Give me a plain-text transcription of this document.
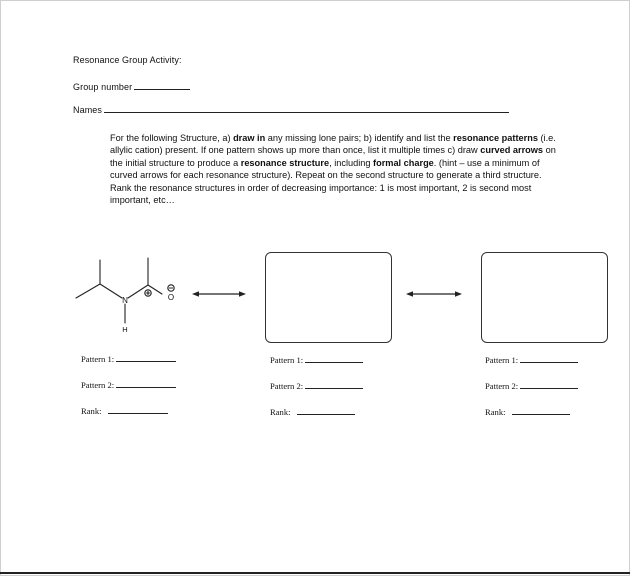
Resonance Group Activity:
Group number
Names
For the following Structure, a) draw in any missing lone pairs; b) identify and list the resonance patterns (i.e. allylic cation) present. If one pattern shows up more than once, list it multiple times c) draw curved arrows on the initial structure to produce a resonance structure, including formal charge. (hint – use a minimum of curved arrows for each resonance structure). Repeat on the second structure to generate a third structure. Rank the resonance structures in order of decreasing importance: 1 is most important, 2 is second most important, etc…
N
H
O
Pattern 1:
Pattern 2:
Rank:
Pattern 1:
Pattern 2:
Rank:
Pattern 1:
Pattern 2:
Rank:
